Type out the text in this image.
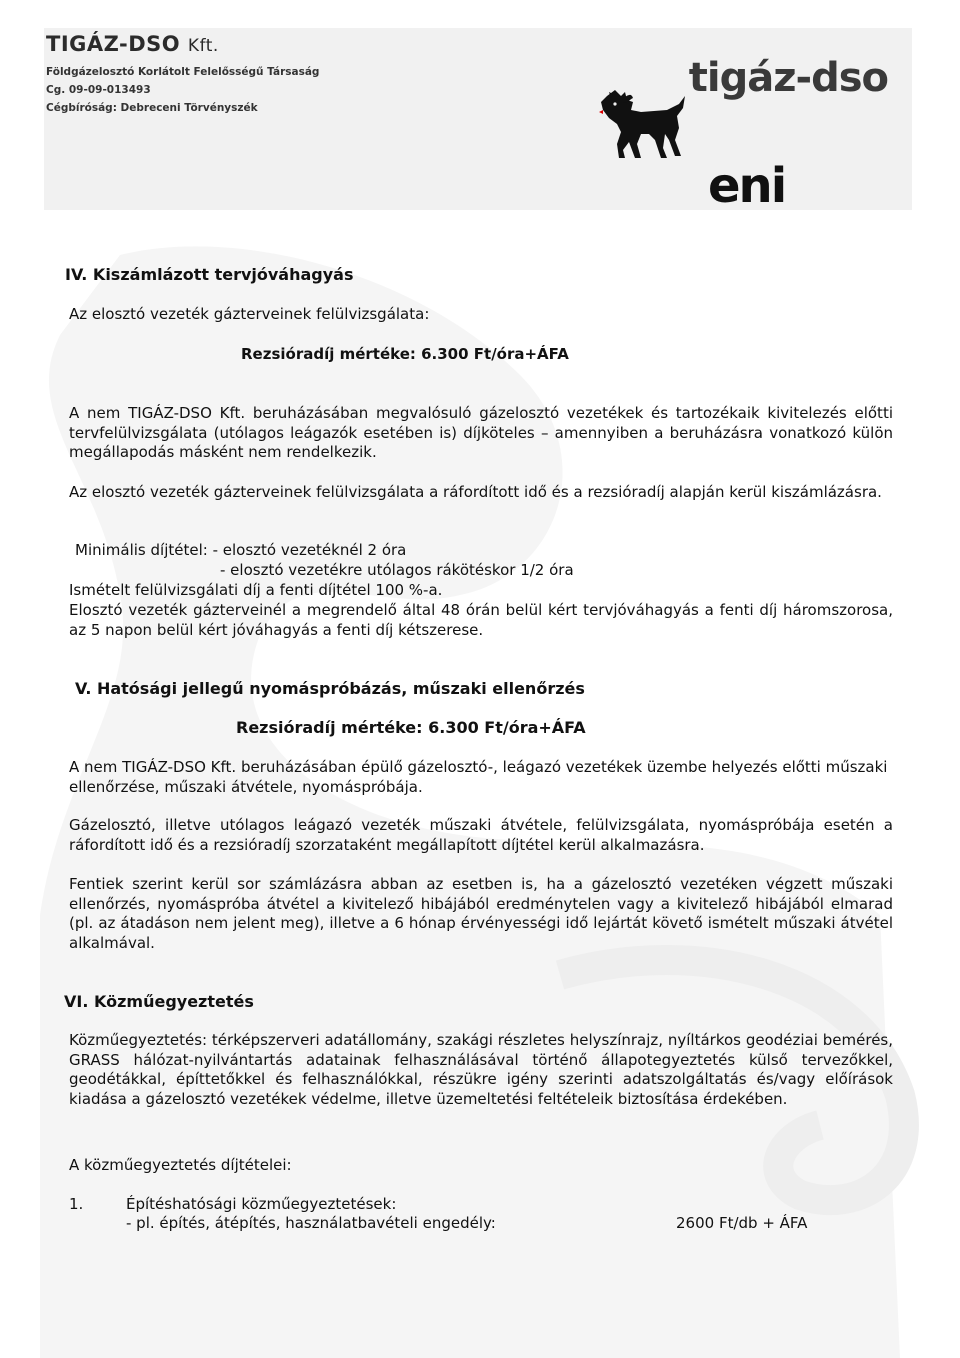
TIGÁZ-DSO Kft.
Földgázelosztó Korlátolt Felelősségű Társaság
Cg. 09-09-013493
Cégbíróság: Debreceni Törvényszék
tigáz-dso
eni
IV. Kiszámlázott tervjóváhagyás
Az elosztó vezeték gázterveinek felülvizsgálata:
Rezsióradíj mértéke: 6.300 Ft/óra+ÁFA

A nem TIGÁZ-DSO Kft. beruházásában megvalósuló gázelosztó vezetékek és tartozékaik kivitelezés előtti tervfelülvizsgálata (utólagos leágazók esetében is) díjköteles – amennyiben a beruházásra vonatkozó külön megállapodás másként nem rendelkezik.

Az elosztó vezeték gázterveinek felülvizsgálata a ráfordított idő és a rezsióradíj alapján kerül kiszámlázásra.

Minimális díjtétel: - elosztó vezetéknél 2 óra
- elosztó vezetékre utólagos rákötéskor 1/2 óra
Ismételt felülvizsgálati díj a fenti díjtétel 100 %-a.

Elosztó vezeték gázterveinél a megrendelő által 48 órán belül kért tervjóváhagyás a fenti díj háromszorosa, az 5 napon belül kért jóváhagyás a fenti díj kétszerese.

V. Hatósági jellegű nyomáspróbázás, műszaki ellenőrzés
Rezsióradíj mértéke: 6.300 Ft/óra+ÁFA

A nem TIGÁZ-DSO Kft. beruházásában épülő gázelosztó-, leágazó vezetékek üzembe helyezés előtti műszaki ellenőrzése, műszaki átvétele, nyomáspróbája.

Gázelosztó, illetve utólagos leágazó vezeték műszaki átvétele, felülvizsgálata, nyomáspróbája esetén a ráfordított idő és a rezsióradíj szorzataként megállapított díjtétel kerül alkalmazásra.

Fentiek szerint kerül sor számlázásra abban az esetben is, ha a gázelosztó vezetéken végzett műszaki ellenőrzés, nyomáspróba átvétel a kivitelező hibájából eredménytelen vagy a kivitelező hibájából elmarad (pl. az átadáson nem jelent meg), illetve a 6 hónap érvényességi idő lejártát követő ismételt műszaki átvétel alkalmával.

VI. Közműegyeztetés

Közműegyeztetés: térképszerveri adatállomány, szakági részletes helyszínrajz, nyíltárkos geodéziai bemérés, GRASS hálózat-nyilvántartás adatainak felhasználásával történő állapotegyeztetés külső tervezőkkel, geodétákkal, építtetőkkel és felhasználókkal, részükre igény szerinti adatszolgáltatás és/vagy előírások kiadása a gázelosztó vezetékek védelme, illetve üzemeltetési feltételeik biztosítása érdekében.

A közműegyeztetés díjtételei:
1.	Építéshatósági közműegyeztetések:
- pl. építés, átépítés, használatbavételi engedély:	2600 Ft/db + ÁFA
